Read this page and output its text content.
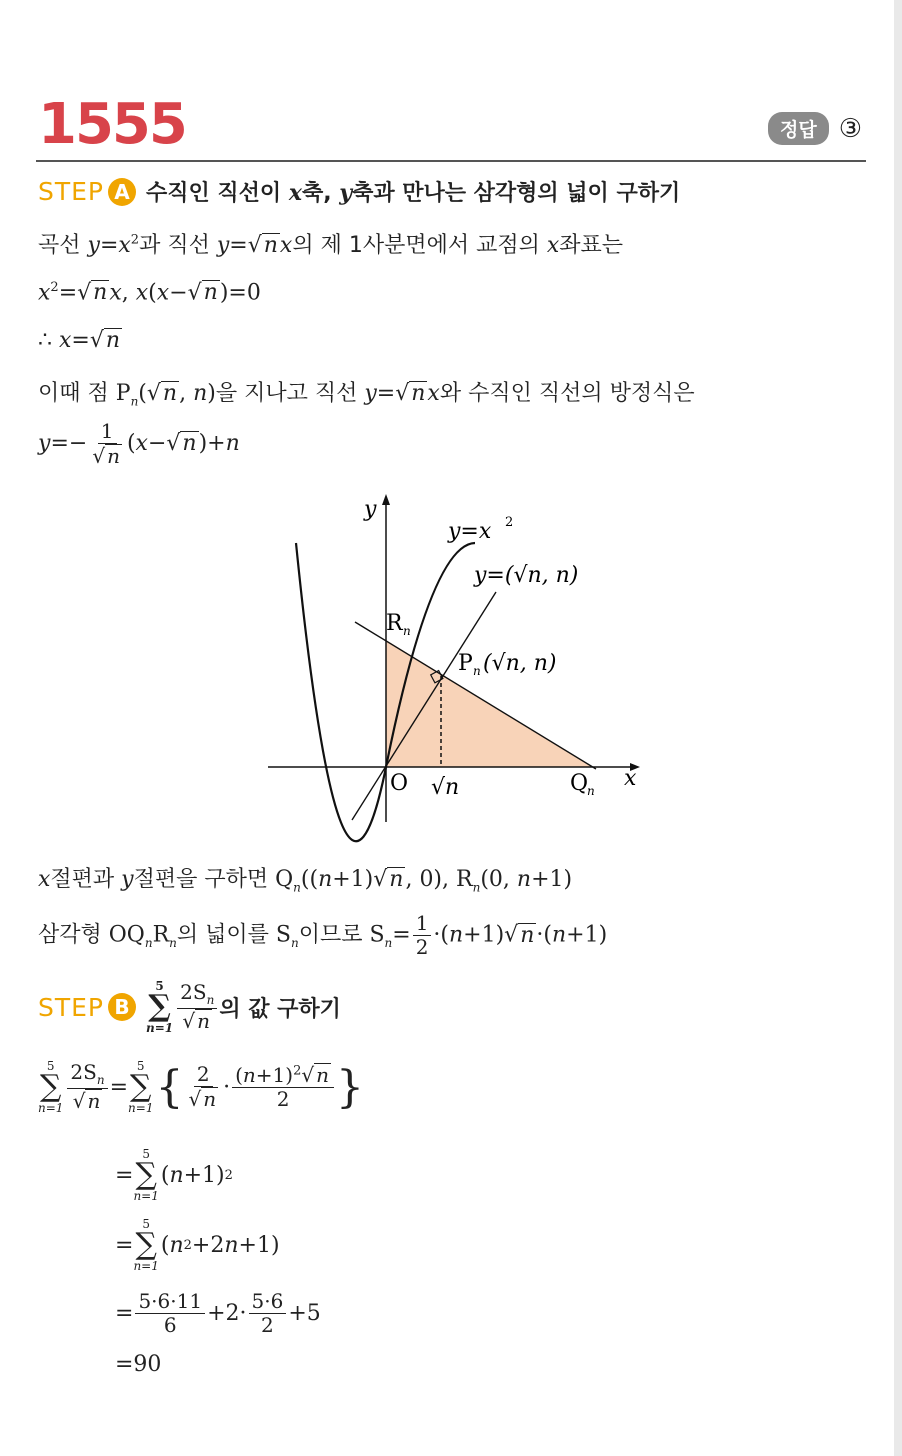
1555	정답 ③
STEP A 수직인 직선이 x축, y축과 만나는 삼각형의 넓이 구하기
곡선 $y=x^2$과 직선 y=√nx의 제 1사분면에서 교점의 x좌표는
$x^2=√nx$, x(x−√n)=0
∴ x=√n
이때 점 $P_n(√n$, n)을 지나고 직선 y=√nx와 수직인 직선의 방정식은
$y=- \frac{1}{√ n} (x-√n)+n$
y
x
y=x 2
y=(√n, n)
R n
P n (√n, n)
O √n	Q
n
x절편과 y절편을 구하면 $Q_n((n+1)√n$, 0), $R_n(0$, n+1)
삼각형 $OQ_nR_n$의 넓이를 $S_n$이므로 $S_n= \frac{1}{2} \cdot(n+1)√n\cdot(n+1)$
STEP B
5
∑
$n=1 \frac{2S_n}{√ n}$ 의 값 구하기
5
∑
$n=1 \frac{2S_n}{√ n}$ =
5
∑
n=1 { $\frac{2}{√ n} \cdot \frac{(n+1)^2√ n}{2}$ }
=
5
∑
n=1
( n +1) 2
=
5
∑
n=1
( n 2 +2 n +1)
= $\frac{5\cdot 6\cdot 11}{6} +2\cdot \frac{5\cdot 6}{2} +5$
=90
